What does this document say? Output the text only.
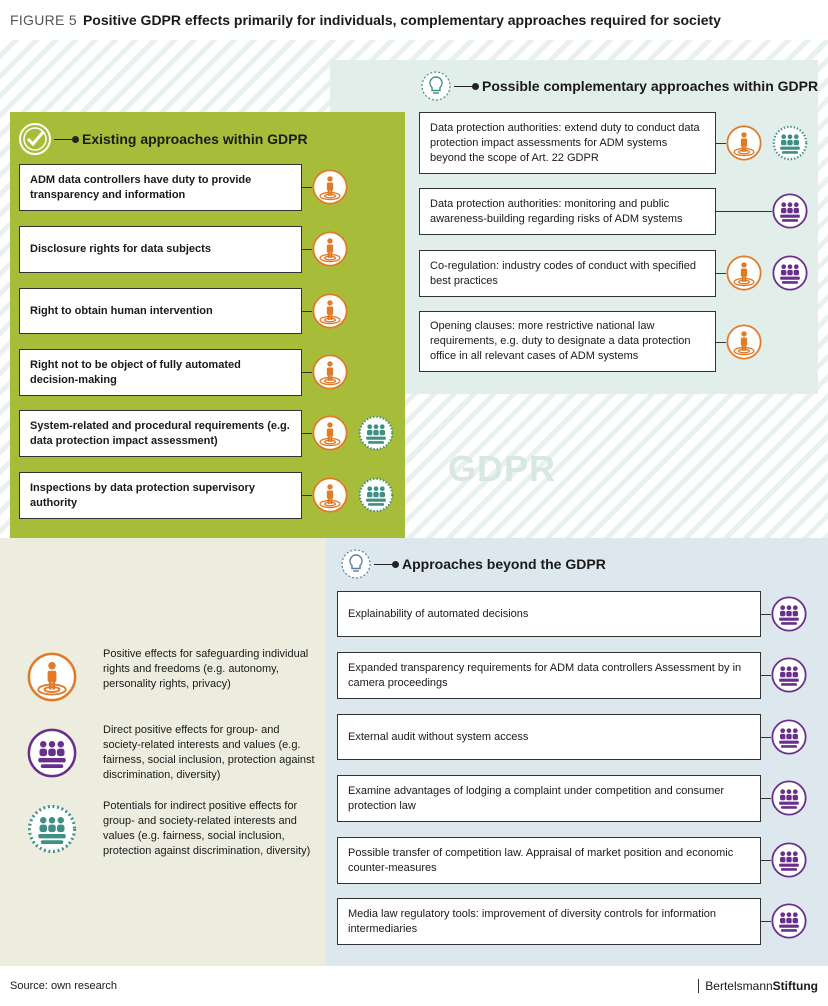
FIGURE 5 Positive GDPR effects primarily for individuals, complementary approaches required for society
GDPR
Existing approaches within GDPR
Possible complementary approaches within GDPR
Approaches beyond the GDPR
ADM data controllers have duty to provide transparency and information
Disclosure rights for data subjects
Right to obtain human intervention
Right not to be object of fully automated decision-making
System-related and procedural requirements (e.g. data protection impact assessment)
Inspections by data protection supervisory authority
Data protection authorities: extend duty to conduct data protection impact assessments for ADM systems beyond the scope of Art. 22 GDPR
Data protection authorities: monitoring and public awareness-building regarding risks of ADM systems
Co-regulation: industry codes of conduct with specified best practices
Opening clauses: more restrictive national law requirements, e.g. duty to designate a data protection office in all relevant cases of ADM systems
Explainability of automated decisions
Expanded transparency requirements for ADM data controllers Assessment by in camera proceedings
External audit without system access
Examine advantages of lodging a complaint under competition and consumer protection law
Possible transfer of competition law. Appraisal of market position and economic counter-measures
Media law regulatory tools: improvement of diversity controls for information intermediaries
Positive effects for safeguarding individual rights and freedoms (e.g. autonomy, personality rights, privacy)
Direct positive effects for group- and society-related interests and values (e.g. fairness, social inclusion, protection against discrimination, diversity)
Potentials for indirect positive effects for group- and society-related interests and values (e.g. fairness, social inclusion, protection against discrimination, diversity)
Source: own research	BertelsmannStiftung
